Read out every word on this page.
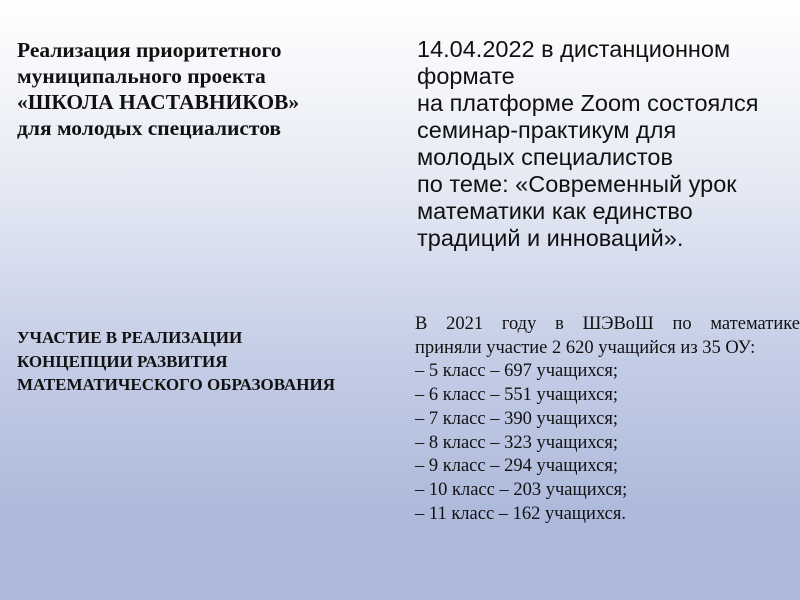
Реализация приоритетного
муниципального проекта
«ШКОЛА НАСТАВНИКОВ»
для молодых специалистов
14.04.2022 в дистанционном
формате
на платформе Zoom состоялся
семинар-практикум для
молодых специалистов
по теме: «Современный урок
математики как единство
традиций и инноваций».
УЧАСТИЕ В РЕАЛИЗАЦИИ
КОНЦЕПЦИИ РАЗВИТИЯ
МАТЕМАТИЧЕСКОГО ОБРАЗОВАНИЯ
В 2021 году в ШЭВоШ по математике
приняли участие 2 620 учащийся из 35 ОУ:
– 5 класс – 697 учащихся;
– 6 класс – 551 учащихся;
– 7 класс – 390 учащихся;
– 8 класс – 323 учащихся;
– 9 класс – 294 учащихся;
– 10 класс – 203 учащихся;
– 11 класс – 162 учащихся.
